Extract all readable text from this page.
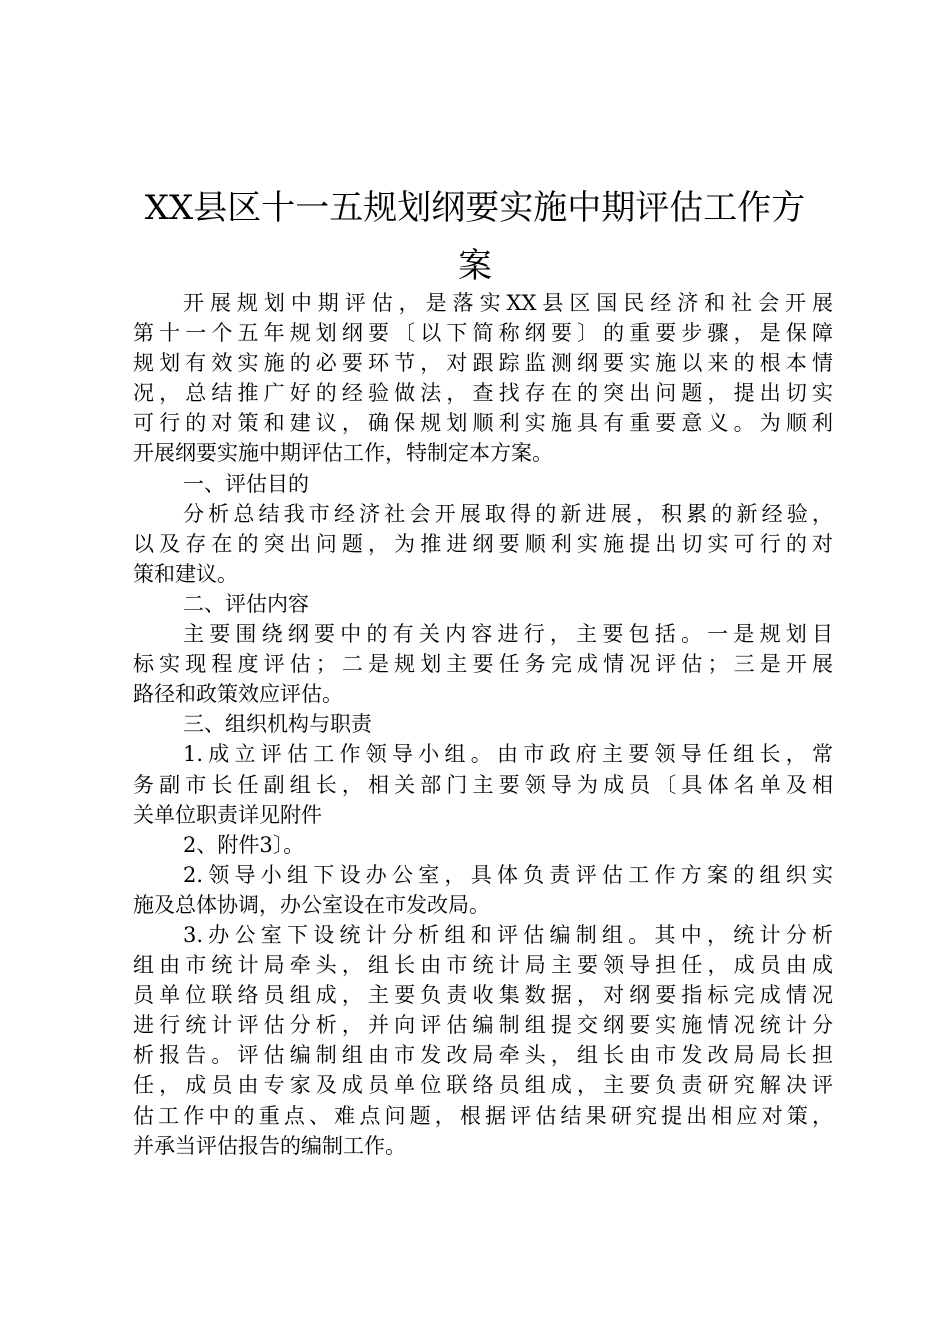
XX县区十一五规划纲要实施中期评估工作方
案
开展规划中期评估，是落实XX县区国民经济和社会开展
第十一个五年规划纲要〔以下简称纲要〕的重要步骤，是保障
规划有效实施的必要环节，对跟踪监测纲要实施以来的根本情
况，总结推广好的经验做法，查找存在的突出问题，提出切实
可行的对策和建议，确保规划顺利实施具有重要意义。为顺利
开展纲要实施中期评估工作，特制定本方案。
一、评估目的
分析总结我市经济社会开展取得的新进展，积累的新经验，
以及存在的突出问题，为推进纲要顺利实施提出切实可行的对
策和建议。
二、评估内容
主要围绕纲要中的有关内容进行，主要包括。一是规划目
标实现程度评估；二是规划主要任务完成情况评估；三是开展
路径和政策效应评估。
三、组织机构与职责
1.成立评估工作领导小组。由市政府主要领导任组长，常
务副市长任副组长，相关部门主要领导为成员〔具体名单及相
关单位职责详见附件
2、附件3〕。
2.领导小组下设办公室，具体负责评估工作方案的组织实
施及总体协调，办公室设在市发改局。
3.办公室下设统计分析组和评估编制组。其中，统计分析
组由市统计局牵头，组长由市统计局主要领导担任，成员由成
员单位联络员组成，主要负责收集数据，对纲要指标完成情况
进行统计评估分析，并向评估编制组提交纲要实施情况统计分
析报告。评估编制组由市发改局牵头，组长由市发改局局长担
任，成员由专家及成员单位联络员组成，主要负责研究解决评
估工作中的重点、难点问题，根据评估结果研究提出相应对策，
并承当评估报告的编制工作。
